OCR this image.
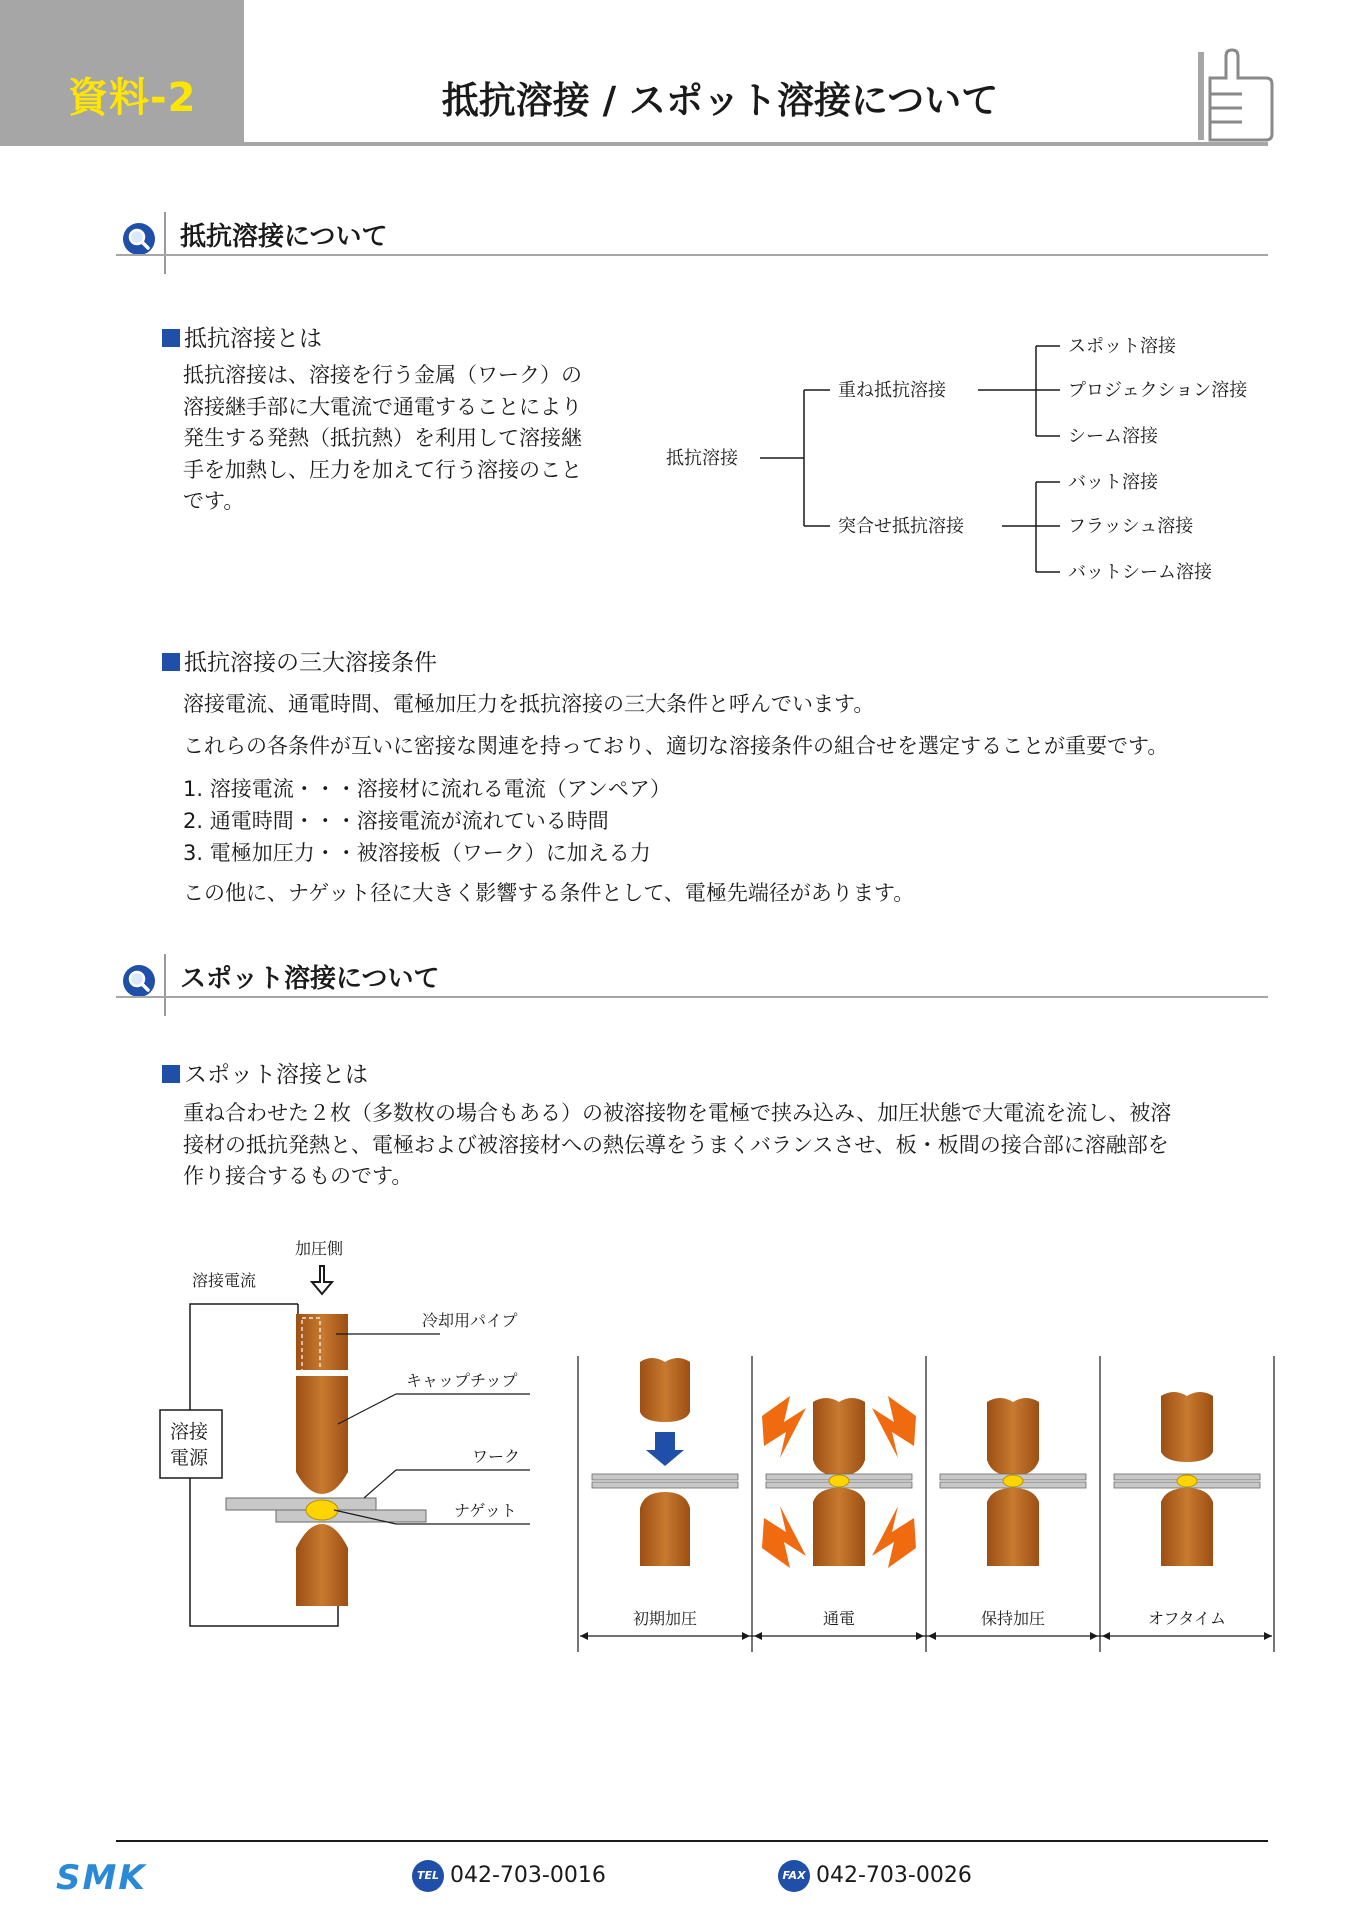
資料-2	抵抗溶接 / スポット溶接について
抵抗溶接について
抵抗溶接とは
抵抗溶接は、溶接を行う金属（ワーク）の
溶接継手部に大電流で通電することにより
発生する発熱（抵抗熱）を利用して溶接継
手を加熱し、圧力を加えて行う溶接のこと
です。
抵抗溶接
重ね抵抗溶接
突合せ抵抗溶接
スポット溶接
プロジェクション溶接
シーム溶接
バット溶接
フラッシュ溶接
バットシーム溶接
抵抗溶接の三大溶接条件
溶接電流、通電時間、電極加圧力を抵抗溶接の三大条件と呼んでいます。
これらの各条件が互いに密接な関連を持っており、適切な溶接条件の組合せを選定することが重要です。
1. 溶接電流・・・溶接材に流れる電流（アンペア）
2. 通電時間・・・溶接電流が流れている時間
3. 電極加圧力・・被溶接板（ワーク）に加える力
この他に、ナゲット径に大きく影響する条件として、電極先端径があります。
スポット溶接について
スポット溶接とは
重ね合わせた２枚（多数枚の場合もある）の被溶接物を電極で挟み込み、加圧状態で大電流を流し、被溶
接材の抵抗発熱と、電極および被溶接材への熱伝導をうまくバランスさせ、板・板間の接合部に溶融部を
作り接合するものです。
加圧側
溶接電流
溶接
電源
冷却用パイプ
キャップチップ
ワーク
ナゲット
初期加圧	通電	保持加圧	オフタイム
SMK	TEL 042-703-0016	FAX 042-703-0026
